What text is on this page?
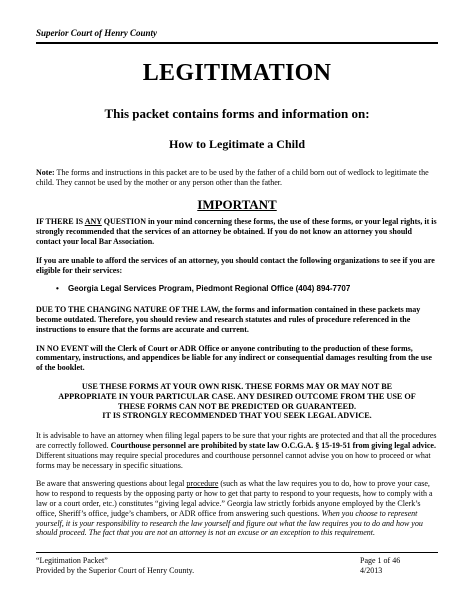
Superior Court of Henry County
LEGITIMATION
This packet contains forms and information on:
How to Legitimate a Child

Note: The forms and instructions in this packet are to be used by the father of a child born out of wedlock to legitimate the child. They cannot be used by the mother or any person other than the father.

IMPORTANT

IF THERE IS ANY QUESTION in your mind concerning these forms, the use of these forms, or your legal rights, it is strongly recommended that the services of an attorney be obtained. If you do not know an attorney you should contact your local Bar Association.

If you are unable to afford the services of an attorney, you should contact the following organizations to see if you are eligible for their services:

• Georgia Legal Services Program, Piedmont Regional Office (404) 894-7707

DUE TO THE CHANGING NATURE OF THE LAW, the forms and information contained in these packets may become outdated. Therefore, you should review and research statutes and rules of procedure referenced in the instructions to ensure that the forms are accurate and current.

IN NO EVENT will the Clerk of Court or ADR Office or anyone contributing to the production of these forms, commentary, instructions, and appendices be liable for any indirect or consequential damages resulting from the use of the booklet.

USE THESE FORMS AT YOUR OWN RISK. THESE FORMS MAY OR MAY NOT BE
APPROPRIATE IN YOUR PARTICULAR CASE. ANY DESIRED OUTCOME FROM THE USE OF
THESE FORMS CAN NOT BE PREDICTED OR GUARANTEED.
IT IS STRONGLY RECOMMENDED THAT YOU SEEK LEGAL ADVICE.

It is advisable to have an attorney when filing legal papers to be sure that your rights are protected and that all the procedures are correctly followed. Courthouse personnel are prohibited by state law O.C.G.A. § 15-19-51 from giving legal advice. Different situations may require special procedures and courthouse personnel cannot advise you on how to proceed or what forms may be necessary in specific situations.

Be aware that answering questions about legal procedure (such as what the law requires you to do, how to prove your case, how to respond to requests by the opposing party or how to get that party to respond to your requests, how to comply with a law or a court order, etc.) constitutes “giving legal advice.” Georgia law strictly forbids anyone employed by the Clerk’s office, Sheriff’s office, judge’s chambers, or ADR office from answering such questions. When you choose to represent yourself, it is your responsibility to research the law yourself and figure out what the law requires you to do and how you should proceed. The fact that you are not an attorney is not an excuse or an exception to this requirement.

“Legitimation Packet”	Page 1 of 46
Provided by the Superior Court of Henry County.	4/2013
